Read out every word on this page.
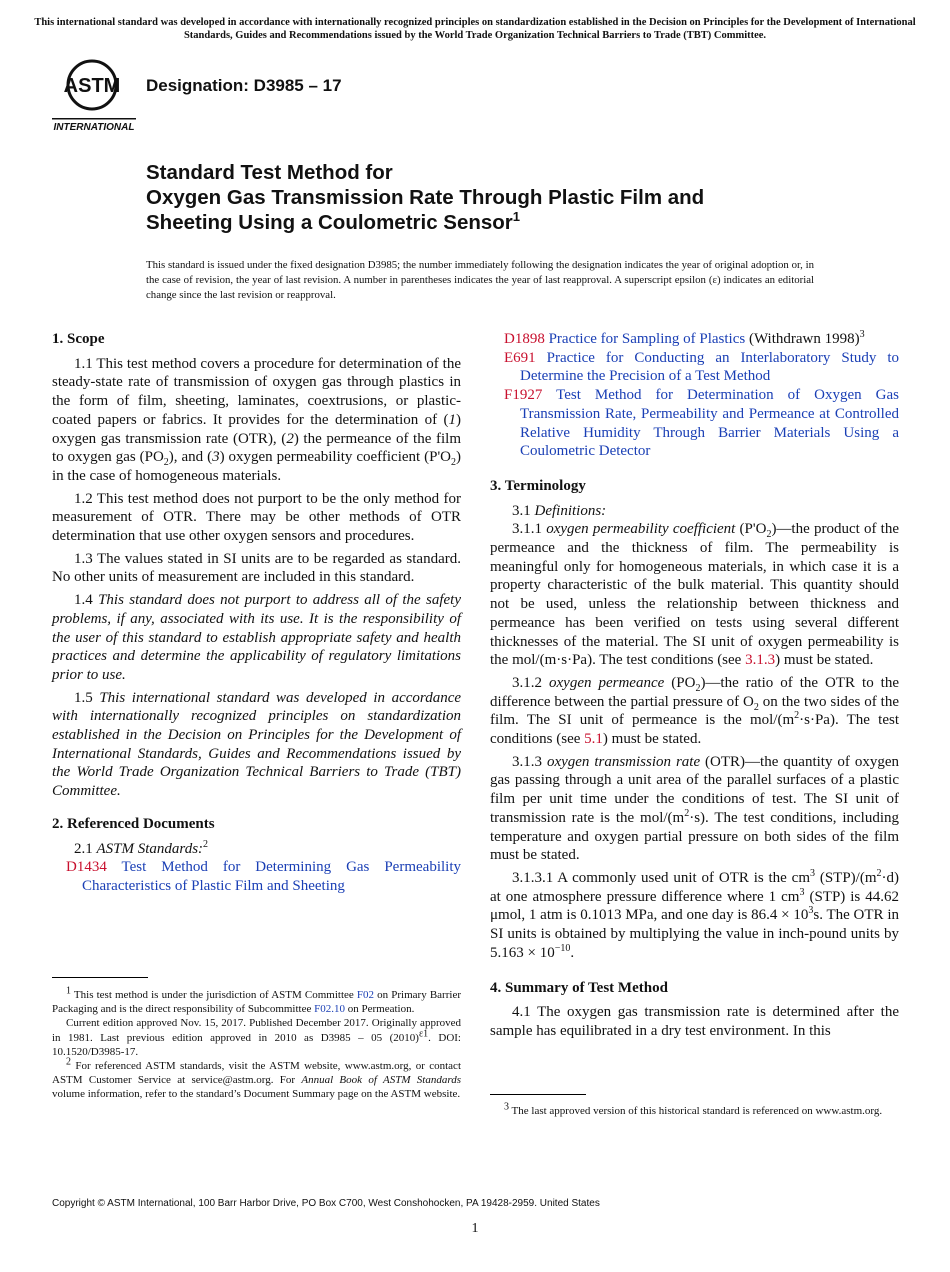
This international standard was developed in accordance with internationally recognized principles on standardization established in the Decision on Principles for the Development of International Standards, Guides and Recommendations issued by the World Trade Organization Technical Barriers to Trade (TBT) Committee.
ASTM
INTERNATIONAL
Designation: D3985 – 17
Standard Test Method for
Oxygen Gas Transmission Rate Through Plastic Film and
Sheeting Using a Coulometric Sensor$^1$
This standard is issued under the fixed designation D3985; the number immediately following the designation indicates the year of original adoption or, in the case of revision, the year of last revision. A number in parentheses indicates the year of last reapproval. A superscript epsilon (ε) indicates an editorial change since the last revision or reapproval.
1. Scope

1.1 This test method covers a procedure for determination of the steady-state rate of transmission of oxygen gas through plastics in the form of film, sheeting, laminates, coextrusions, or plastic-coated papers or fabrics. It provides for the determination of (1) oxygen gas transmission rate (OTR), (2) the permeance of the film to oxygen gas $(PO_2)$, and (3) oxygen permeability coefficient $(P'O_2)$ in the case of homogeneous materials.

1.2 This test method does not purport to be the only method for measurement of OTR. There may be other methods of OTR determination that use other oxygen sensors and procedures.

1.3 The values stated in SI units are to be regarded as standard. No other units of measurement are included in this standard.

1.4 This standard does not purport to address all of the safety problems, if any, associated with its use. It is the responsibility of the user of this standard to establish appropriate safety and health practices and determine the applicability of regulatory limitations prior to use.

1.5 This international standard was developed in accordance with internationally recognized principles on standardization established in the Decision on Principles for the Development of International Standards, Guides and Recommendations issued by the World Trade Organization Technical Barriers to Trade (TBT) Committee.

2. Referenced Documents

2.1 ASTM Standards:$^2$

D1434 Test Method for Determining Gas Permeability Characteristics of Plastic Film and Sheeting

$^1$ This test method is under the jurisdiction of ASTM Committee F02 on Primary Barrier Packaging and is the direct responsibility of Subcommittee F02.10 on Permeation.

Current edition approved Nov. 15, 2017. Published December 2017. Originally approved in 1981. Last previous edition approved in 2010 as D3985 – 05 $(2010)^{\varepsilon 1}$. DOI: 10.1520/D3985-17.

$^2$ For referenced ASTM standards, visit the ASTM website, www.astm.org, or contact ASTM Customer Service at service@astm.org. For Annual Book of ASTM Standards volume information, refer to the standard’s Document Summary page on the ASTM website.

D1898 Practice for Sampling of Plastics (Withdrawn 1998)$^3$

E691 Practice for Conducting an Interlaboratory Study to Determine the Precision of a Test Method

F1927 Test Method for Determination of Oxygen Gas Transmission Rate, Permeability and Permeance at Controlled Relative Humidity Through Barrier Materials Using a Coulometric Detector

3. Terminology

3.1 Definitions:

3.1.1 oxygen permeability coefficient $(P'O_2)—the$ product of the permeance and the thickness of film. The permeability is meaningful only for homogeneous materials, in which case it is a property characteristic of the bulk material. This quantity should not be used, unless the relationship between thickness and permeance has been verified on tests using several different thicknesses of the material. The SI unit of oxygen permeability is the mol/(m·s·Pa). The test conditions (see 3.1.3) must be stated.

3.1.2 oxygen permeance $(PO_2)—the$ ratio of the OTR to the difference between the partial pressure of $O_2$ on the two sides of the film. The SI unit of permeance is the mol/$(m^2\cdot s\cdot Pa)$. The test conditions (see 5.1) must be stated.

3.1.3 oxygen transmission rate (OTR)—the quantity of oxygen gas passing through a unit area of the parallel surfaces of a plastic film per unit time under the conditions of test. The SI unit of transmission rate is the mol/$(m^2\cdot s)$. The test conditions, including temperature and oxygen partial pressure on both sides of the film must be stated.

3.1.3.1 A commonly used unit of OTR is the $cm^3$ $(STP)/(m^2\cdot d)$ at one atmosphere pressure difference where 1 $cm^3$ (STP) is 44.62 μmol, 1 atm is 0.1013 MPa, and one day is $86.4 \times 10^3s$. The OTR in SI units is obtained by multiplying the value in inch-pound units by $5.163 \times 10^{-10}$.

4. Summary of Test Method

4.1 The oxygen gas transmission rate is determined after the sample has equilibrated in a dry test environment. In this

$^3$ The last approved version of this historical standard is referenced on www.astm.org.

Copyright © ASTM International, 100 Barr Harbor Drive, PO Box C700, West Conshohocken, PA 19428-2959. United States
1
